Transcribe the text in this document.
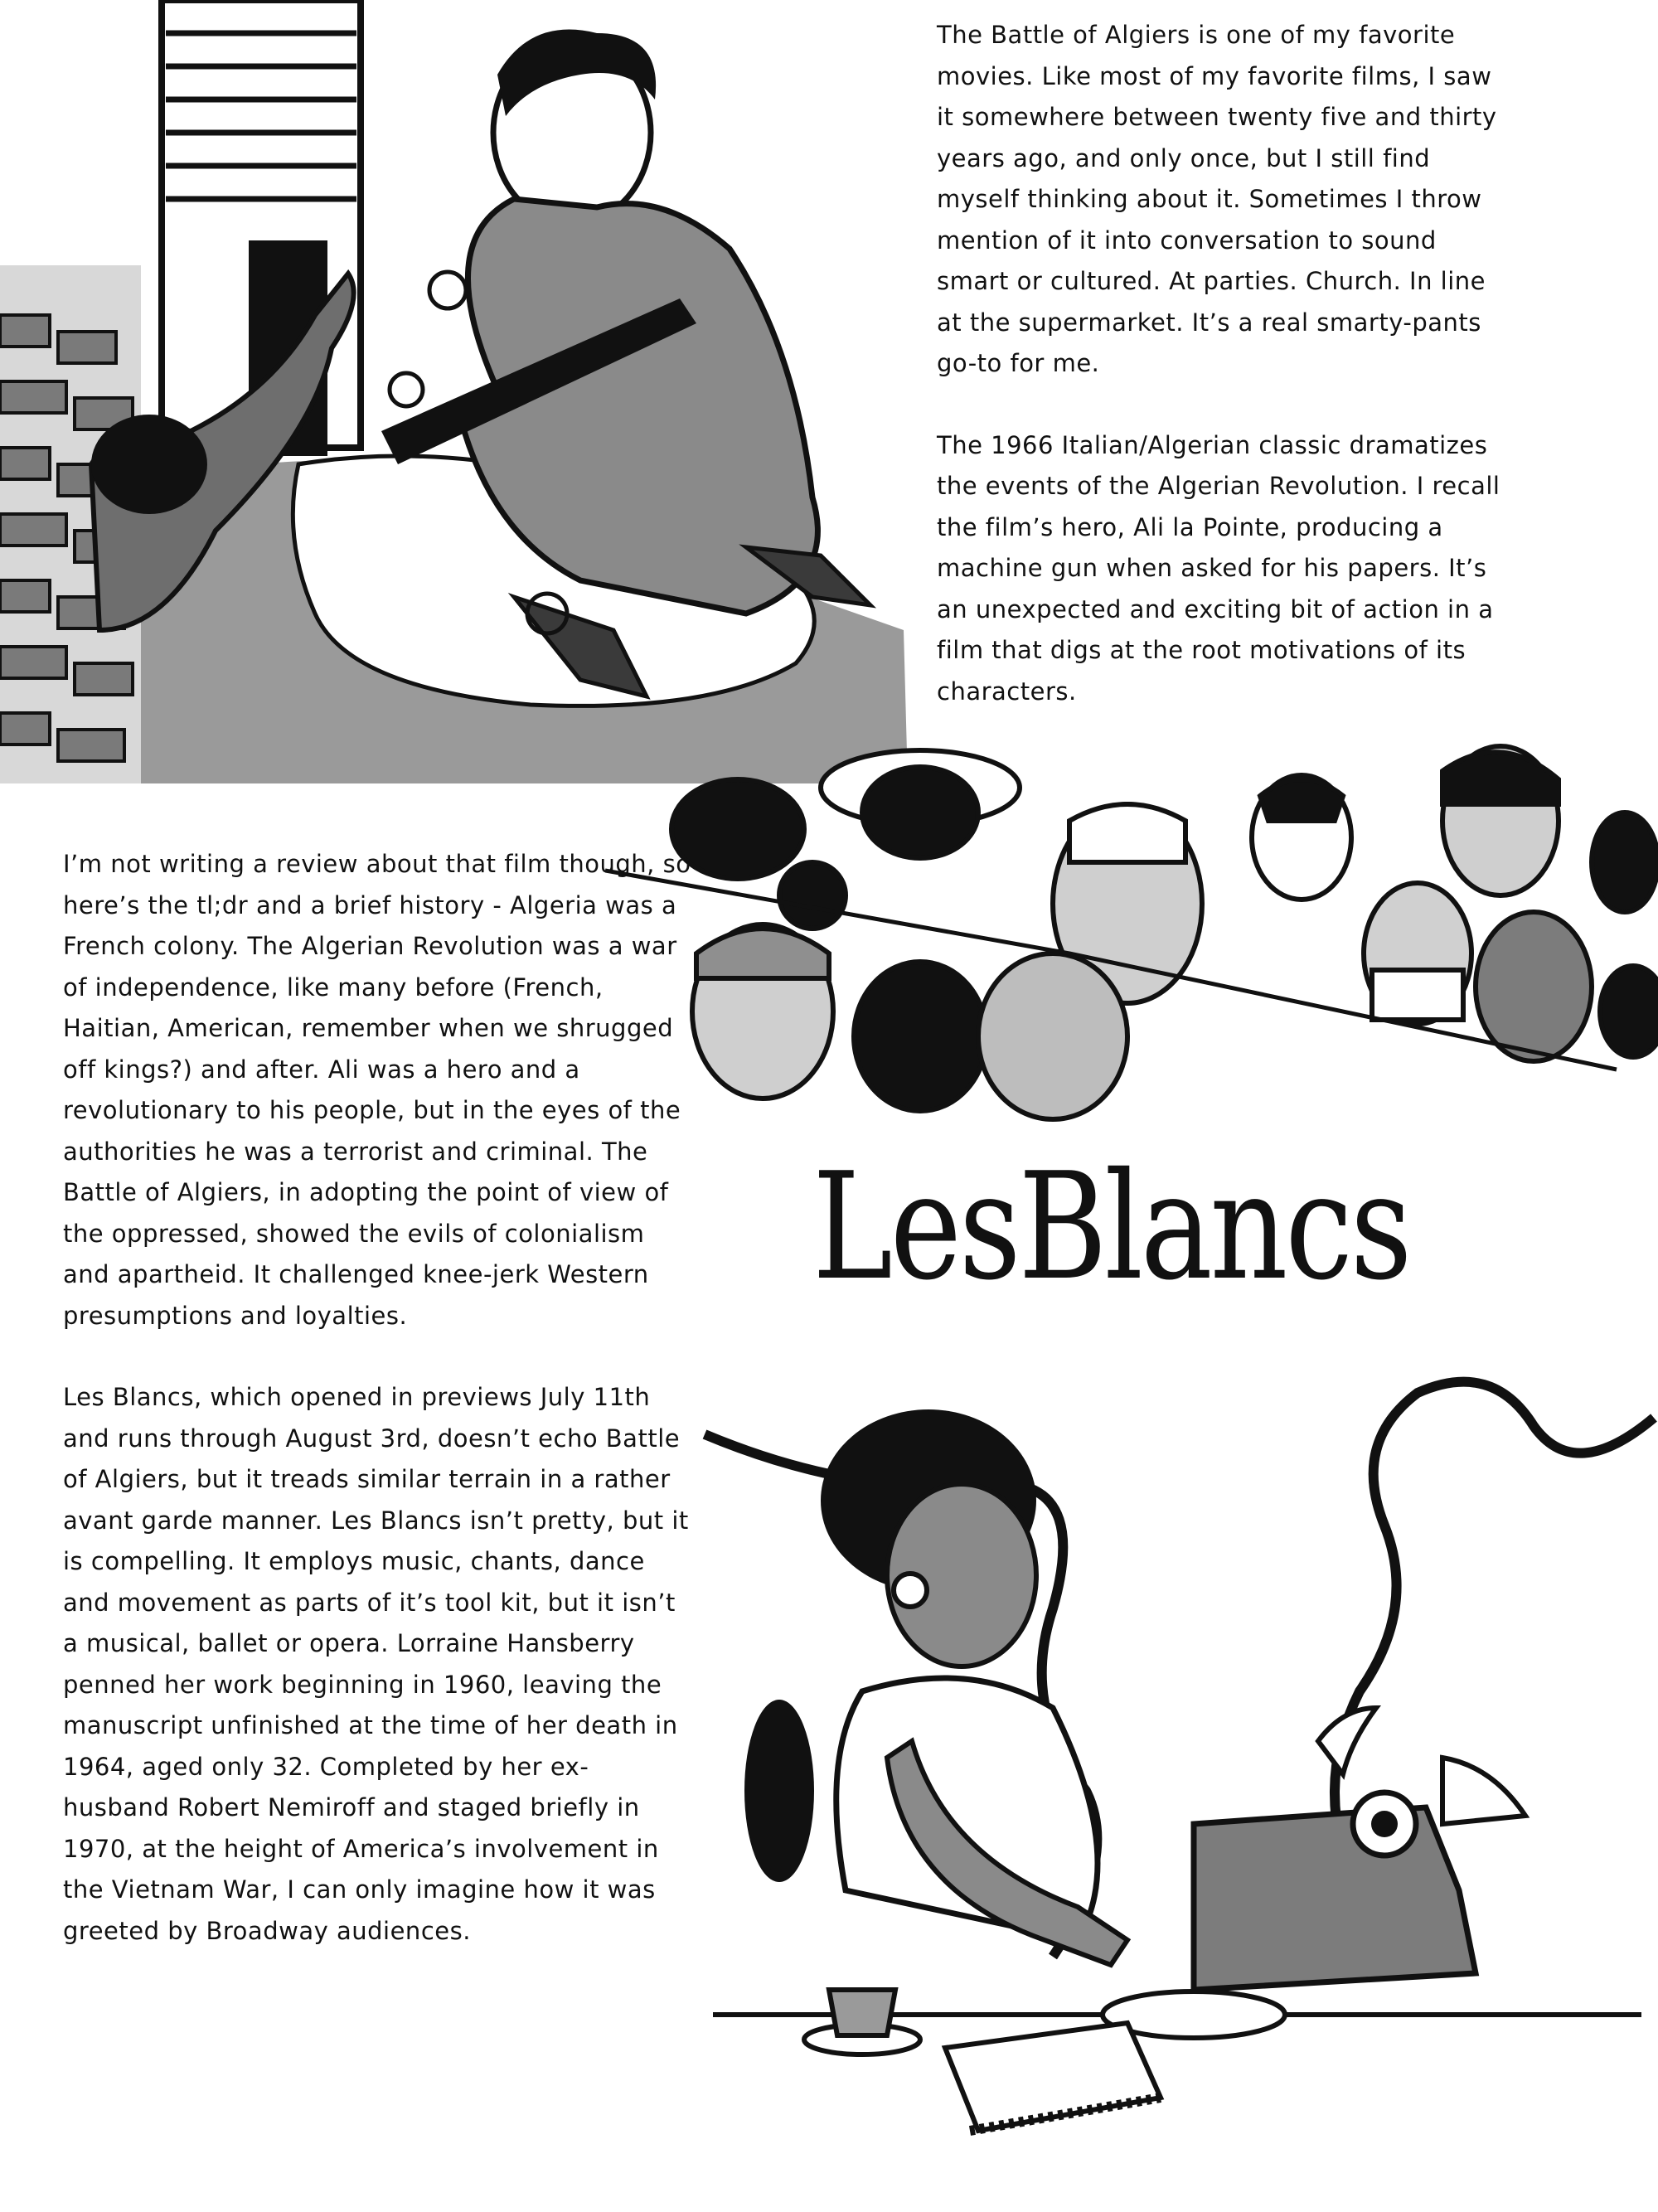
The Battle of Algiers is one of my favorite movies. Like most of my favorite films, I saw it somewhere between twenty five and thirty years ago, and only once, but I still find myself thinking about it. Sometimes I throw mention of it into conversation to sound smart or cultured. At parties. Church. In line at the supermarket. It’s a real smarty-pants go-to for me.

The 1966 Italian/Algerian classic dramatizes the events of the Algerian Revolution. I recall the film’s hero, Ali la Pointe, producing a machine gun when asked for his papers. It’s an unexpected and exciting bit of action in a film that digs at the root motivations of its characters.

I’m not writing a review about that film though, so here’s the tl;dr and a brief history - Algeria was a French colony. The Algerian Revolution was a war of independence, like many before (French, Haitian, American, remember when we shrugged off kings?) and after. Ali was a hero and a revolutionary to his people, but in the eyes of the authorities he was a terrorist and criminal. The Battle of Algiers, in adopting the point of view of the oppressed, showed the evils of colonialism and apartheid. It challenged knee-jerk Western presumptions and loyalties.

Les Blancs, which opened in previews July 11th and runs through August 3rd, doesn’t echo Battle of Algiers, but it treads similar terrain in a rather avant garde manner. Les Blancs isn’t pretty, but it is compelling. It employs music, chants, dance and movement as parts of it’s tool kit, but it isn’t a musical, ballet or opera. Lorraine Hansberry penned her work beginning in 1960, leaving the manuscript unfinished at the time of her death in 1964, aged only 32. Completed by her ex-husband Robert Nemiroff and staged briefly in 1970, at the height of America’s involvement in the Vietnam War, I can only imagine how it was greeted by Broadway audiences.

LesBlancs
